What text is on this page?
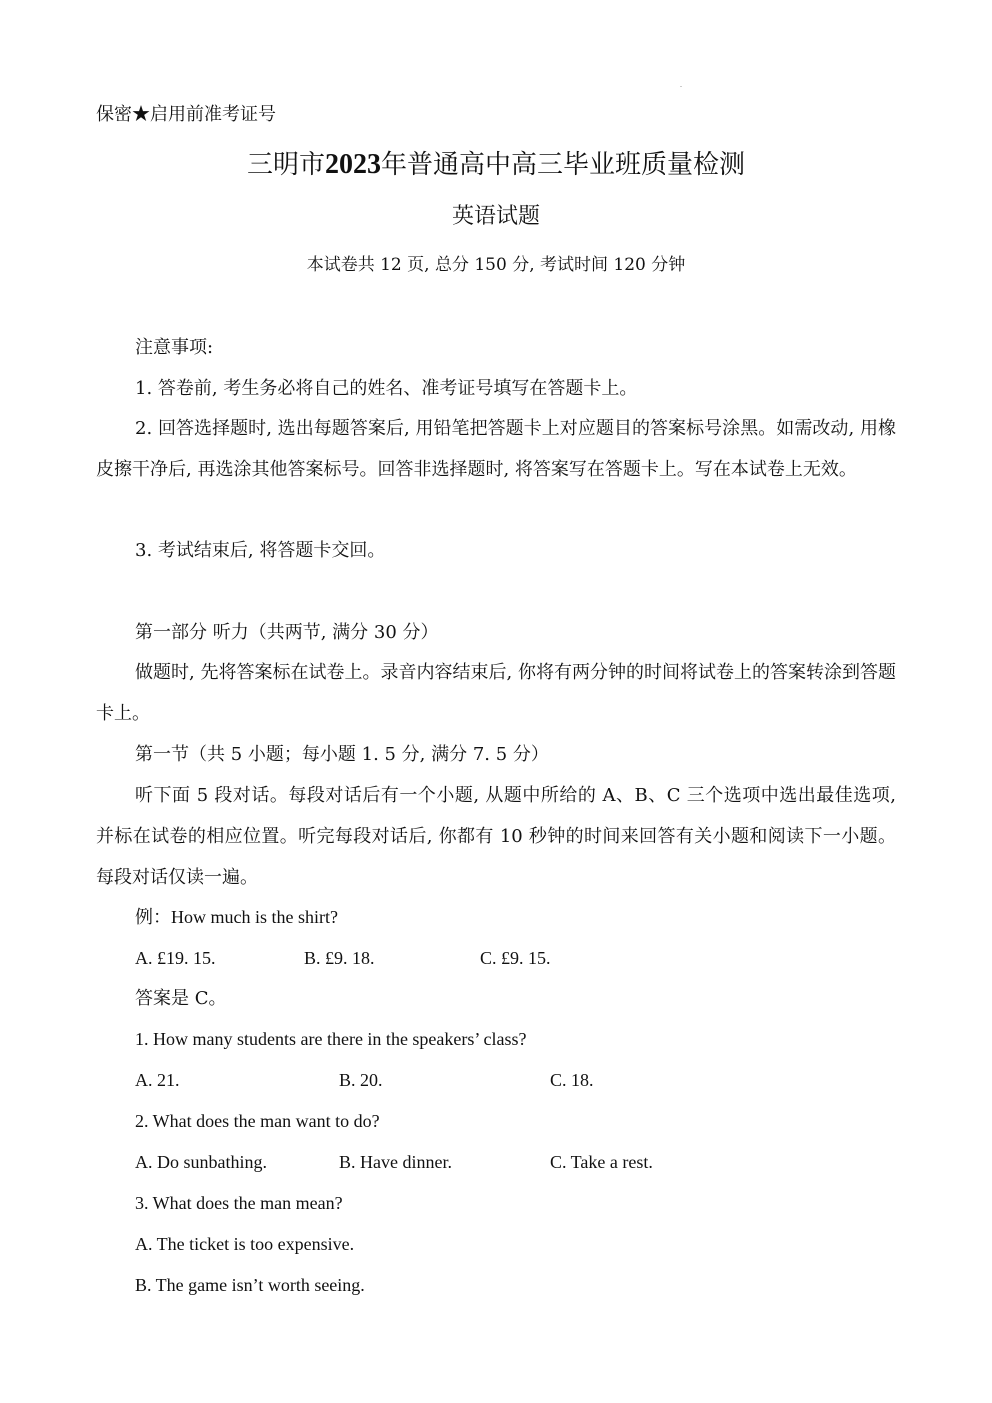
保密★启用前准考证号
三明市2023年普通高中高三毕业班质量检测
英语试题
本试卷共 12 页, 总分 150 分, 考试时间 120 分钟
注意事项:
1. 答卷前, 考生务必将自己的姓名、准考证号填写在答题卡上。
2. 回答选择题时, 选出每题答案后, 用铅笔把答题卡上对应题目的答案标号涂黑。如需改动, 用橡皮擦干净后, 再选涂其他答案标号。回答非选择题时, 将答案写在答题卡上。写在本试卷上无效。
3. 考试结束后, 将答题卡交回。
第一部分 听力（共两节, 满分 30 分）
做题时, 先将答案标在试卷上。录音内容结束后, 你将有两分钟的时间将试卷上的答案转涂到答题卡上。
第一节（共 5 小题；每小题 1. 5 分, 满分 7. 5 分）
听下面 5 段对话。每段对话后有一个小题, 从题中所给的 A、B、C 三个选项中选出最佳选项, 并标在试卷的相应位置。听完每段对话后, 你都有 10 秒钟的时间来回答有关小题和阅读下一小题。每段对话仅读一遍。
例：How much is the shirt?
A. £19. 15.	B. £9. 18.	C. £9. 15.
答案是 C。
1. How many students are there in the speakers’ class?
A. 21.	B. 20.	C. 18.
2. What does the man want to do?
A. Do sunbathing.	B. Have dinner.	C. Take a rest.
3. What does the man mean?
A. The ticket is too expensive.
B. The game isn’t worth seeing.
